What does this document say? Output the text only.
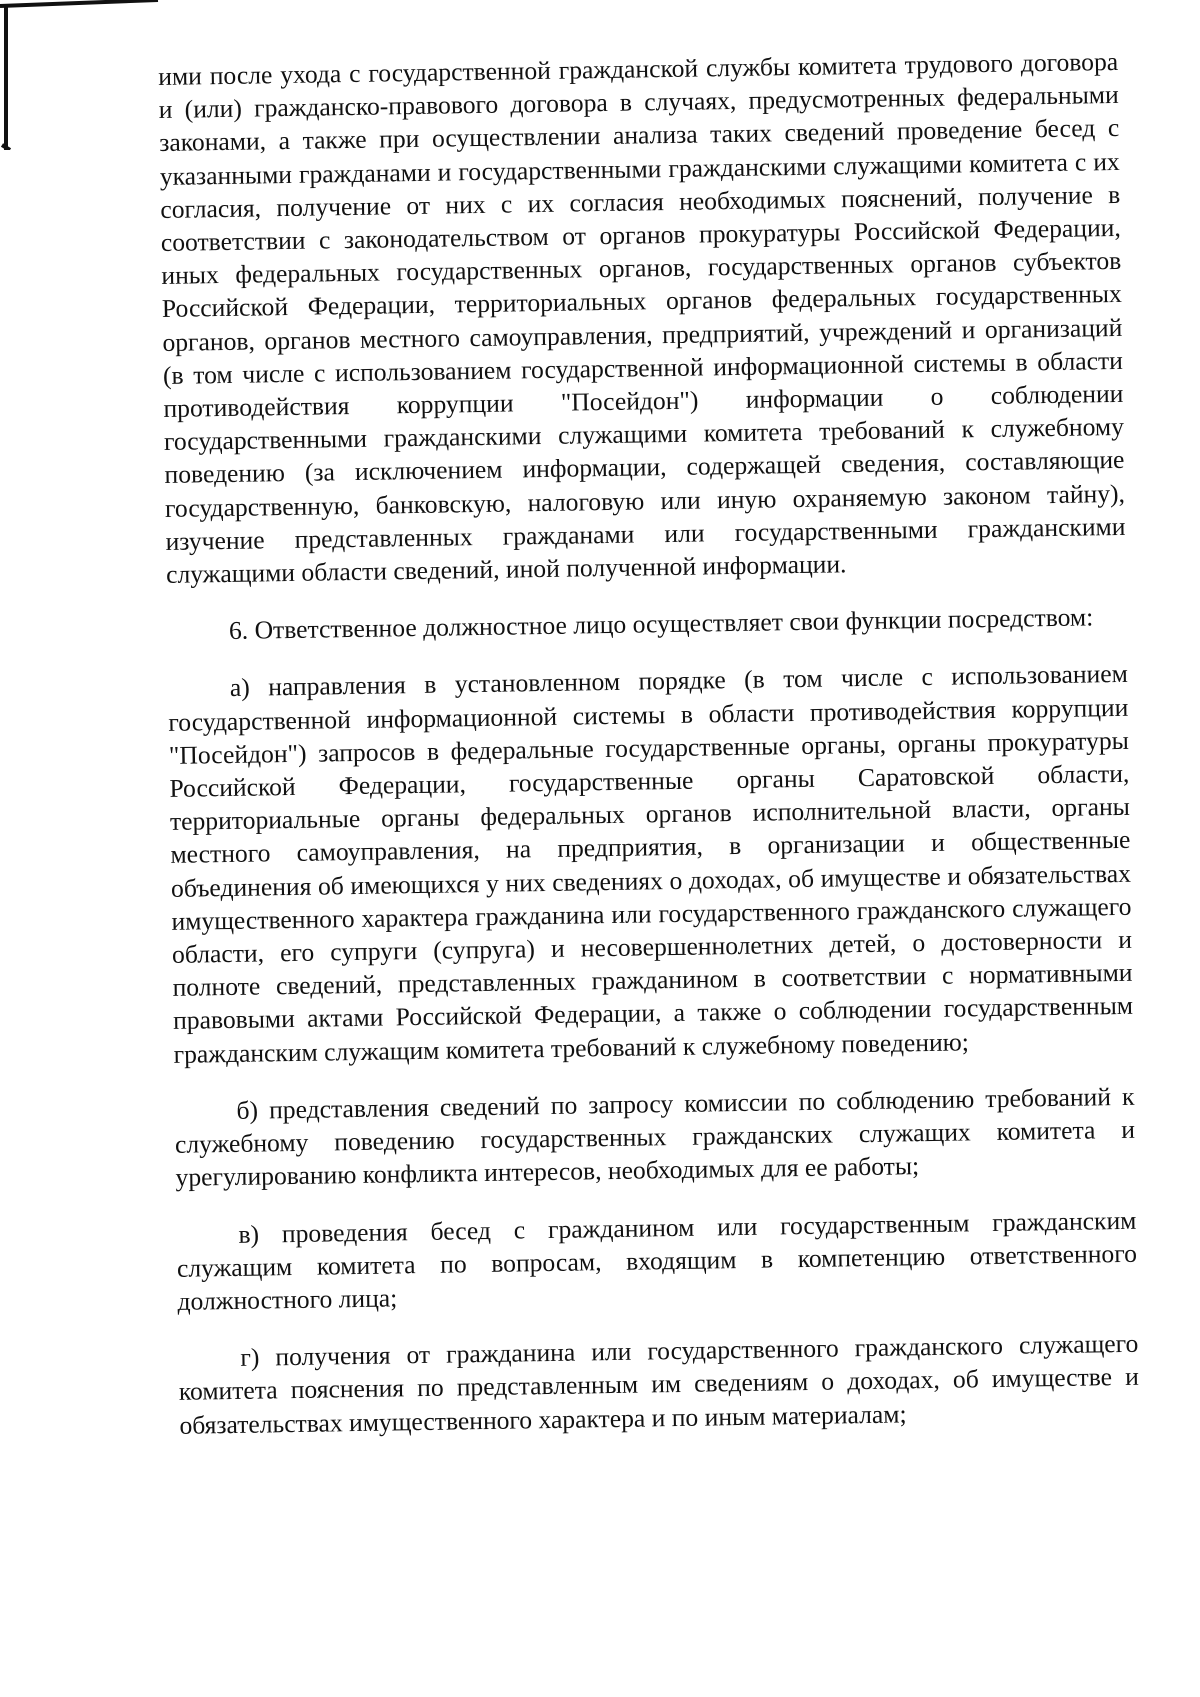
ими после ухода с государственной гражданской службы комитета трудового договора и (или) гражданско-правового договора в случаях, предусмотренных федеральными законами, а также при осуществлении анализа таких сведений проведение бесед с указанными гражданами и государственными гражданскими служащими комитета с их согласия, получение от них с их согласия необходимых пояснений, получение в соответствии с законодательством от органов прокуратуры Российской Федерации, иных федеральных государственных органов, государственных органов субъектов Российской Федерации, территориальных органов федеральных государственных органов, органов местного самоуправления, предприятий, учреждений и организаций (в том числе с использованием государственной информационной системы в области противодействия коррупции "Посейдон") информации о соблюдении государственными гражданскими служащими комитета требований к служебному поведению (за исключением информации, содержащей сведения, составляющие государственную, банковскую, налоговую или иную охраняемую законом тайну), изучение представленных гражданами или государственными гражданскими служащими области сведений, иной полученной информации.

6. Ответственное должностное лицо осуществляет свои функции посредством:

а) направления в установленном порядке (в том числе с использованием государственной информационной системы в области противодействия коррупции "Посейдон") запросов в федеральные государственные органы, органы прокуратуры Российской Федерации, государственные органы Саратовской области, территориальные органы федеральных органов исполнительной власти, органы местного самоуправления, на предприятия, в организации и общественные объединения об имеющихся у них сведениях о доходах, об имуществе и обязательствах имущественного характера гражданина или государственного гражданского служащего области, его супруги (супруга) и несовершеннолетних детей, о достоверности и полноте сведений, представленных гражданином в соответствии с нормативными правовыми актами Российской Федерации, а также о соблюдении государственным гражданским служащим комитета требований к служебному поведению;

б) представления сведений по запросу комиссии по соблюдению требований к служебному поведению государственных гражданских служащих комитета и урегулированию конфликта интересов, необходимых для ее работы;

в) проведения бесед с гражданином или государственным гражданским служащим комитета по вопросам, входящим в компетенцию ответственного должностного лица;

г) получения от гражданина или государственного гражданского служащего комитета пояснения по представленным им сведениям о доходах, об имуществе и обязательствах имущественного характера и по иным материалам;
